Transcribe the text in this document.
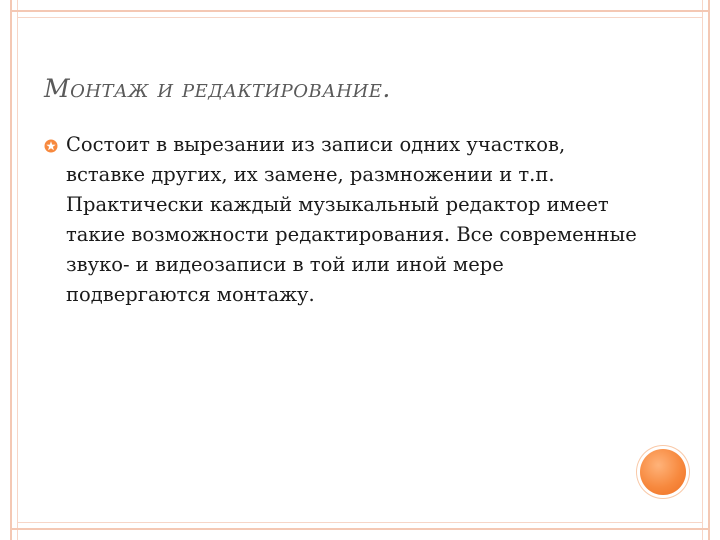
Монтаж и редактирование.

Состоит в вырезании из записи одних участков, вставке других, их замене, размножении и т.п. Практически каждый музыкальный редактор имеет такие возможности редактирования. Все современные звуко- и видеозаписи в той или иной мере подвергаются монтажу.
